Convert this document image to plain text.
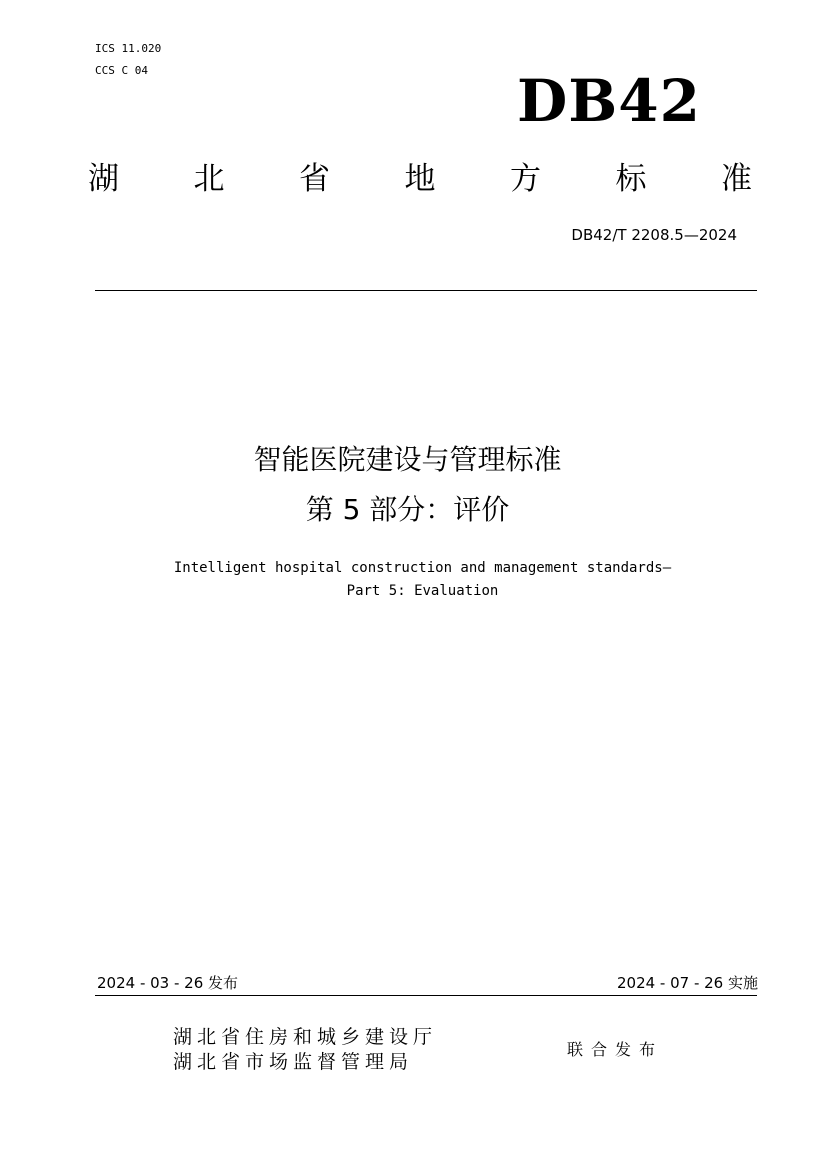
ICS 11.020
CCS C 04	DB42
湖 北 省 地 方 标 准
DB42/T 2208.5—2024
智能医院建设与管理标准
第 5 部分：评价
Intelligent hospital construction and management standards—
Part 5: Evaluation
2024 - 03 - 26 发布	2024 - 07 - 26 实施
湖北省住房和城乡建设厅
湖北省市场监督管理局
联合发布
